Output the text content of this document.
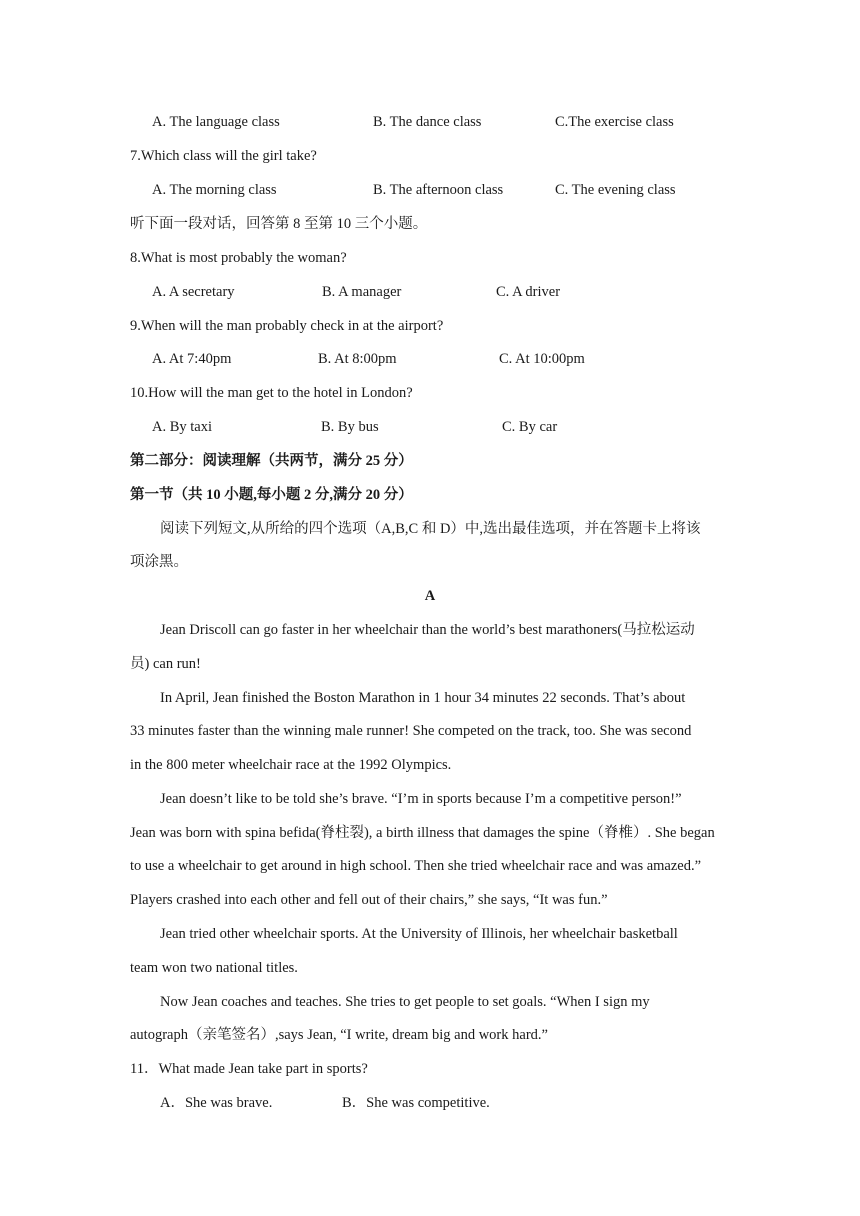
A. The language class	B. The dance class	C.The exercise class
7.Which class will the girl take?
A. The morning class	B. The afternoon class	C. The evening class
听下面一段对话，回答第 8 至第 10 三个小题。
8.What is most probably the woman?
A. A secretary	B. A manager	C. A driver
9.When will the man probably check in at the airport?
A. At 7:40pm	B. At 8:00pm	C. At 10:00pm
10.How will the man get to the hotel in London?
A. By taxi	B. By bus	C. By car
第二部分：阅读理解（共两节，满分 25 分）
第一节（共 10 小题,每小题 2 分,满分 20 分）
阅读下列短文,从所给的四个选项（A,B,C 和 D）中,选出最佳选项，并在答题卡上将该
项涂黑。
A
Jean Driscoll can go faster in her wheelchair than the world’s best marathoners(马拉松运动
员) can run!
In April, Jean finished the Boston Marathon in 1 hour 34 minutes 22 seconds. That’s about
33 minutes faster than the winning male runner! She competed on the track, too. She was second
in the 800 meter wheelchair race at the 1992 Olympics.
Jean doesn’t like to be told she’s brave. “I’m in sports because I’m a competitive person!”
Jean was born with spina befida(脊柱裂), a birth illness that damages the spine（脊椎）. She began
to use a wheelchair to get around in high school. Then she tried wheelchair race and was amazed.”
Players crashed into each other and fell out of their chairs,” she says, “It was fun.”
Jean tried other wheelchair sports. At the University of Illinois, her wheelchair basketball
team won two national titles.
Now Jean coaches and teaches. She tries to get people to set goals. “When I sign my
autograph（亲笔签名）,says Jean, “I write, dream big and work hard.”
11．What made Jean take part in sports?
A．She was brave.	B．She was competitive.
